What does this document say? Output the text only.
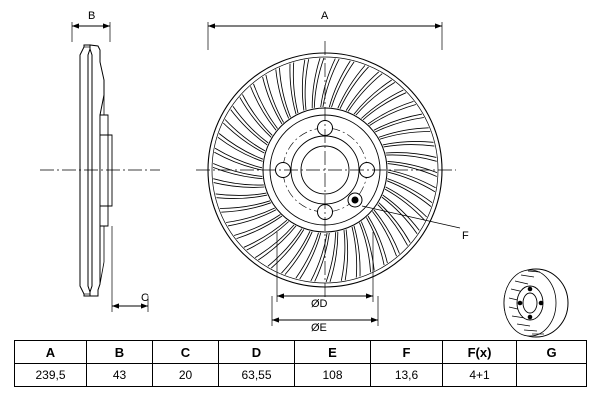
B	A
C	ØD
ØE
F
A	B	C	D	E	F	F(x)	G
239,5	43	20	63,55	108	13,6	4+1	
